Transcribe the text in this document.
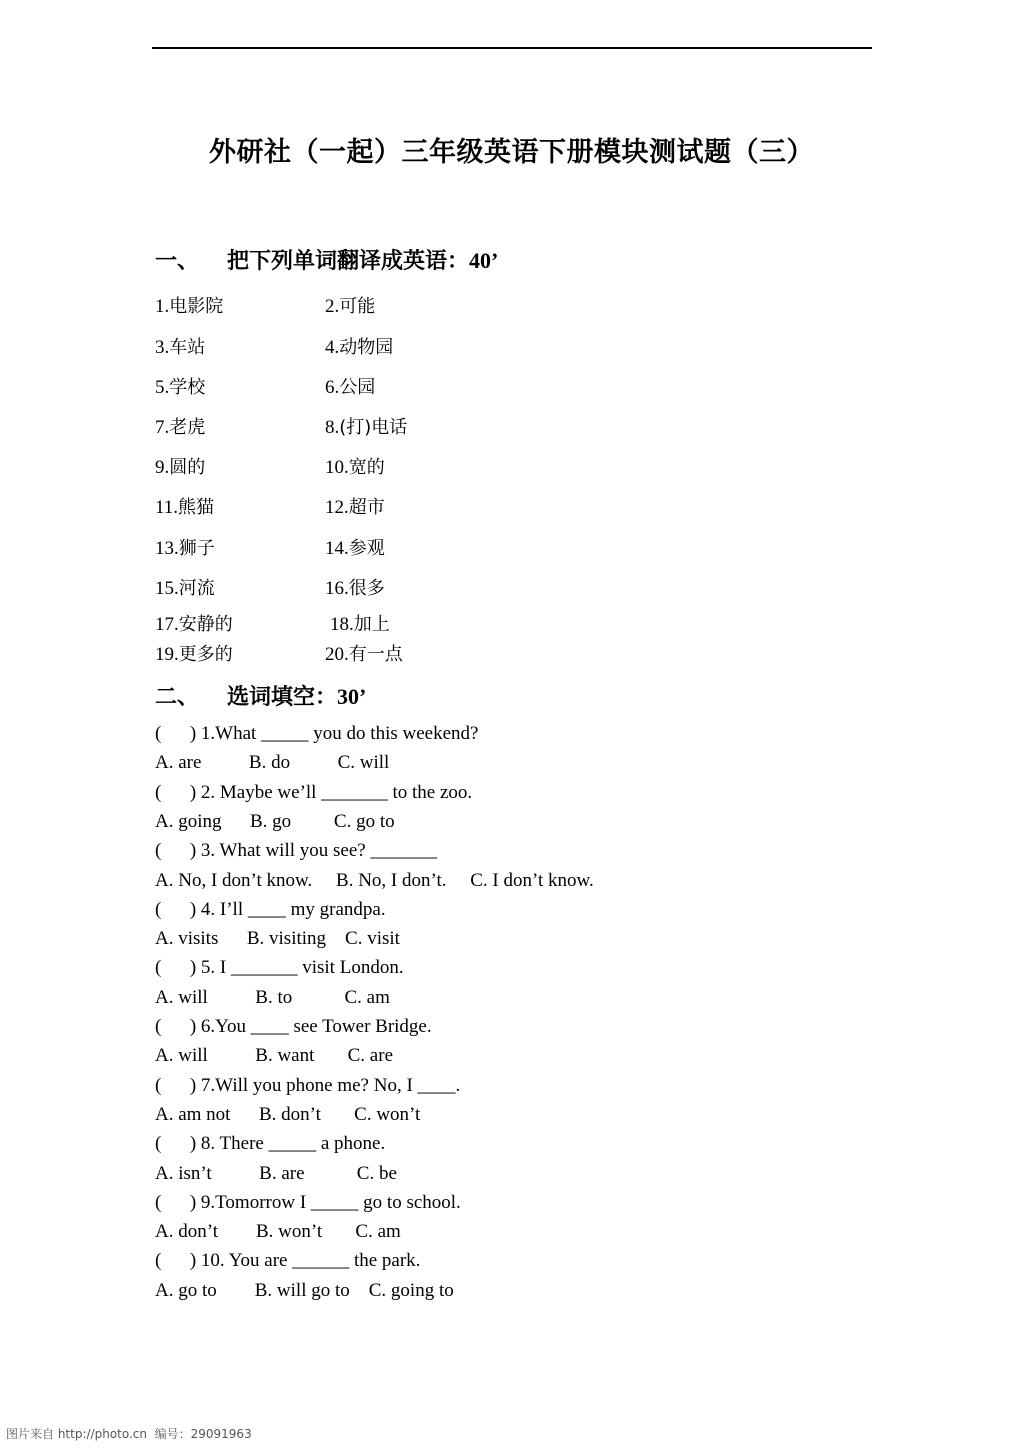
外研社（一起）三年级英语下册模块测试题（三）
一、 把下列单词翻译成英语：40’
1.电影院	2.可能
3.车站	4.动物园
5.学校	6.公园
7.老虎	8.(打)电话
9.圆的	10.宽的
11.熊猫	12.超市
13.狮子	14.参观
15.河流	16.很多
17.安静的	18.加上
19.更多的	20.有一点
二、 选词填空：30’
(      ) 1.What _____ you do this weekend?
A. are          B. do          C. will
(      ) 2. Maybe we’ll _______ to the zoo.
A. going      B. go         C. go to
(      ) 3. What will you see? _______
A. No, I don’t know.     B. No, I don’t.     C. I don’t know.
(      ) 4. I’ll ____ my grandpa.
A. visits      B. visiting    C. visit
(      ) 5. I _______ visit London.
A. will          B. to           C. am
(      ) 6.You ____ see Tower Bridge.
A. will          B. want       C. are
(      ) 7.Will you phone me? No, I ____.
A. am not      B. don’t       C. won’t
(      ) 8. There _____ a phone.
A. isn’t          B. are           C. be
(      ) 9.Tomorrow I _____ go to school.
A. don’t        B. won’t       C. am
(      ) 10. You are ______ the park.
A. go to        B. will go to    C. going to
图片来自 http://photo.cn  编号：29091963
